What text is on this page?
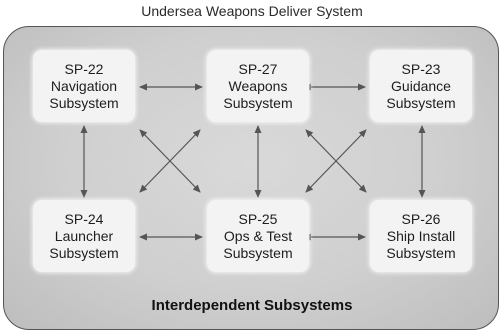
Undersea Weapons Deliver System
SP-22
Navigation
Subsystem
SP-27
Weapons
Subsystem
SP-23
Guidance
Subsystem
SP-24
Launcher
Subsystem
SP-25
Ops & Test
Subsystem
SP-26
Ship Install
Subsystem
Interdependent Subsystems
